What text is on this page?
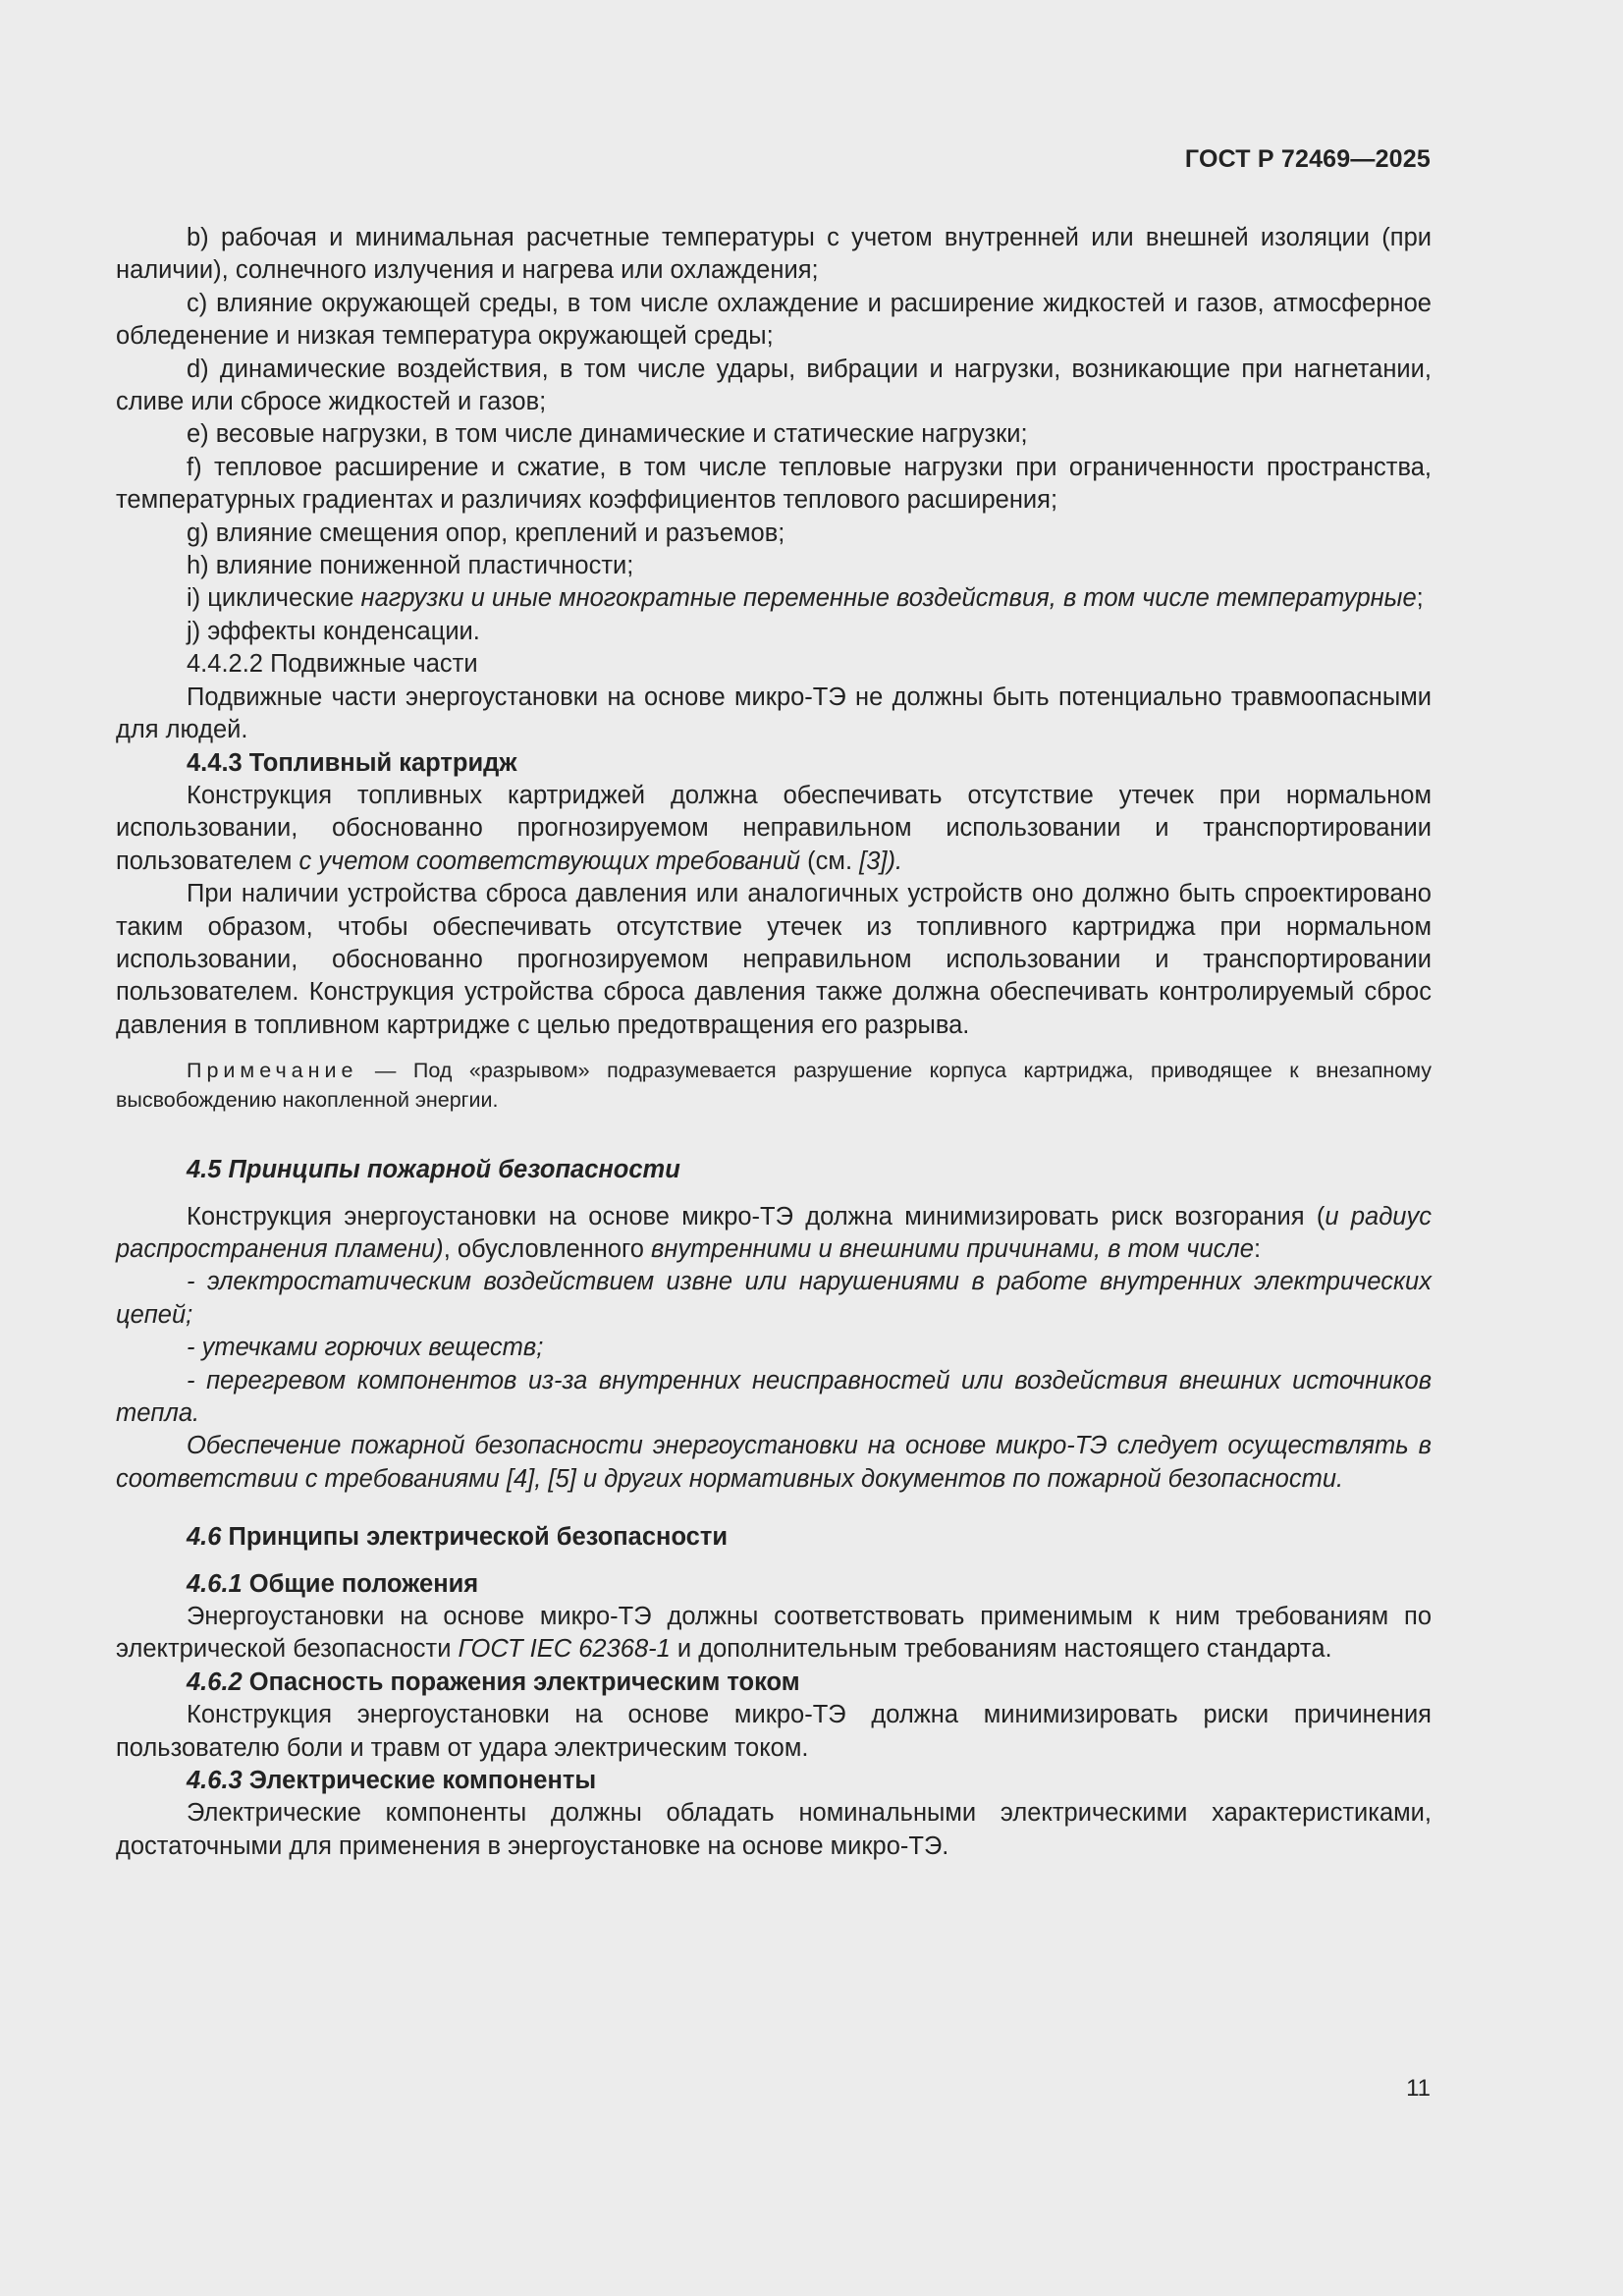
ГОСТ Р 72469—2025

b) рабочая и минимальная расчетные температуры с учетом внутренней или внешней изоляции (при наличии), солнечного излучения и нагрева или охлаждения;

c) влияние окружающей среды, в том числе охлаждение и расширение жидкостей и газов, атмосферное обледенение и низкая температура окружающей среды;

d) динамические воздействия, в том числе удары, вибрации и нагрузки, возникающие при нагнетании, сливе или сбросе жидкостей и газов;

e) весовые нагрузки, в том числе динамические и статические нагрузки;

f) тепловое расширение и сжатие, в том числе тепловые нагрузки при ограниченности пространства, температурных градиентах и различиях коэффициентов теплового расширения;

g) влияние смещения опор, креплений и разъемов;

h) влияние пониженной пластичности;

i) циклические нагрузки и иные многократные переменные воздействия, в том числе температурные;

j) эффекты конденсации.

4.4.2.2 Подвижные части

Подвижные части энергоустановки на основе микро-ТЭ не должны быть потенциально травмоопасными для людей.

4.4.3 Топливный картридж

Конструкция топливных картриджей должна обеспечивать отсутствие утечек при нормальном использовании, обоснованно прогнозируемом неправильном использовании и транспортировании пользователем с учетом соответствующих требований (см. [3]).

При наличии устройства сброса давления или аналогичных устройств оно должно быть спроектировано таким образом, чтобы обеспечивать отсутствие утечек из топливного картриджа при нормальном использовании, обоснованно прогнозируемом неправильном использовании и транспортировании пользователем. Конструкция устройства сброса давления также должна обеспечивать контролируемый сброс давления в топливном картридже с целью предотвращения его разрыва.

Примечание — Под «разрывом» подразумевается разрушение корпуса картриджа, приводящее к внезапному высвобождению накопленной энергии.

4.5 Принципы пожарной безопасности

Конструкция энергоустановки на основе микро-ТЭ должна минимизировать риск возгорания (и радиус распространения пламени), обусловленного внутренними и внешними причинами, в том числе:

- электростатическим воздействием извне или нарушениями в работе внутренних электрических цепей;

- утечками горючих веществ;

- перегревом компонентов из-за внутренних неисправностей или воздействия внешних источников тепла.

Обеспечение пожарной безопасности энергоустановки на основе микро-ТЭ следует осуществлять в соответствии с требованиями [4], [5] и других нормативных документов по пожарной безопасности.

4.6 Принципы электрической безопасности

4.6.1 Общие положения

Энергоустановки на основе микро-ТЭ должны соответствовать применимым к ним требованиям по электрической безопасности ГОСТ IEC 62368-1 и дополнительным требованиям настоящего стандарта.

4.6.2 Опасность поражения электрическим током

Конструкция энергоустановки на основе микро-ТЭ должна минимизировать риски причинения пользователю боли и травм от удара электрическим током.

4.6.3 Электрические компоненты

Электрические компоненты должны обладать номинальными электрическими характеристиками, достаточными для применения в энергоустановке на основе микро-ТЭ.

11
